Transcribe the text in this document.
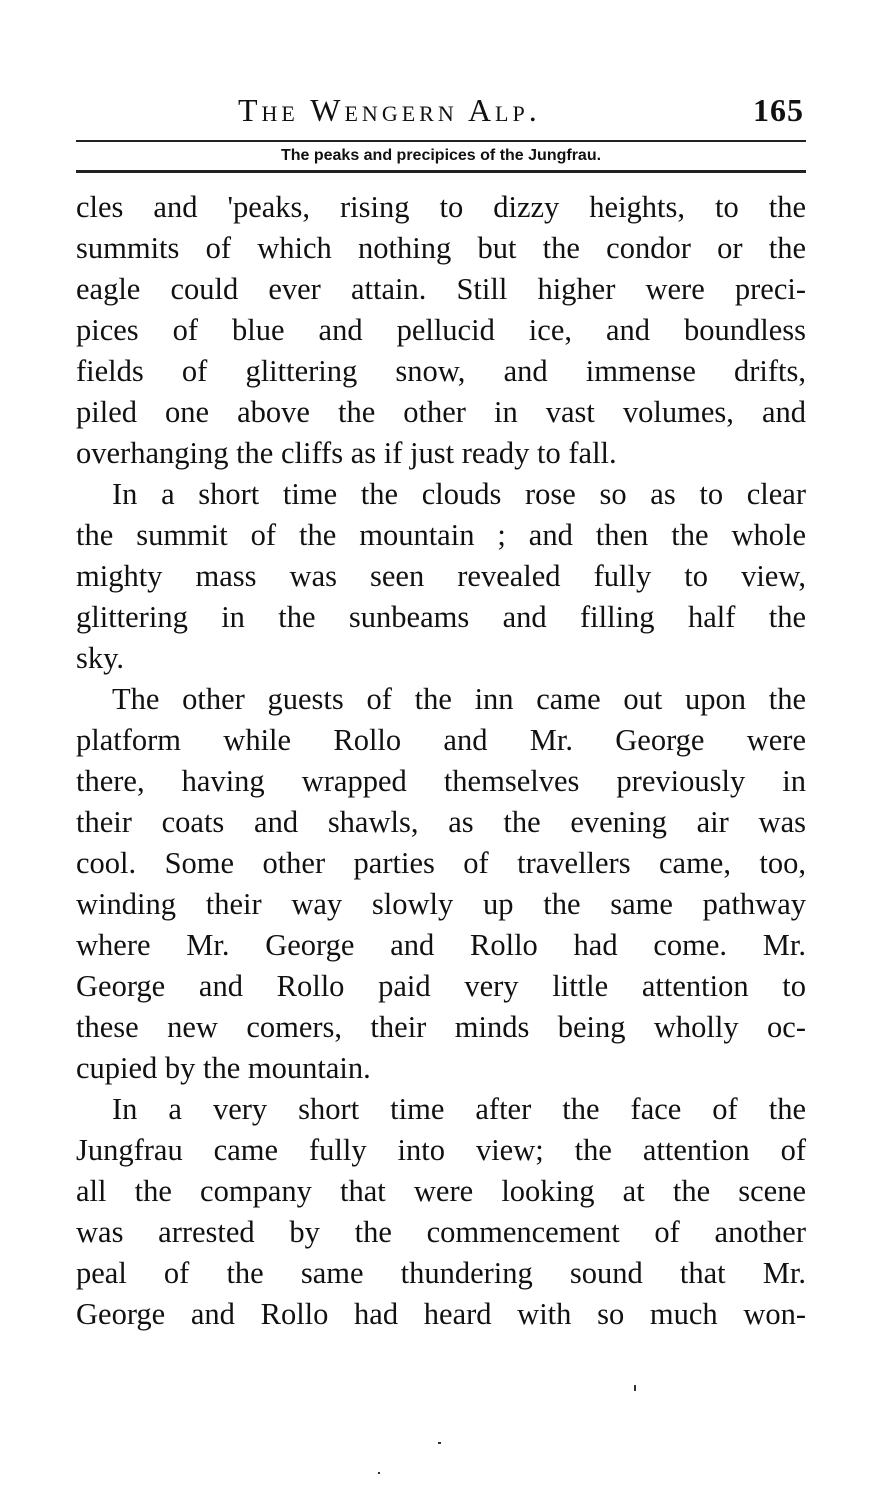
The Wengern Alp.	165
The peaks and precipices of the Jungfrau.
cles and 'peaks, rising to dizzy heights, to the
summits of which nothing but the condor or the
eagle could ever attain. Still higher were preci-
pices of blue and pellucid ice, and boundless
fields of glittering snow, and immense drifts,
piled one above the other in vast volumes, and
overhanging the cliffs as if just ready to fall.
In a short time the clouds rose so as to clear
the summit of the mountain ; and then the whole
mighty mass was seen revealed fully to view,
glittering in the sunbeams and filling half the
sky.
The other guests of the inn came out upon the
platform while Rollo and Mr. George were
there, having wrapped themselves previously in
their coats and shawls, as the evening air was
cool. Some other parties of travellers came, too,
winding their way slowly up the same pathway
where Mr. George and Rollo had come. Mr.
George and Rollo paid very little attention to
these new comers, their minds being wholly oc-
cupied by the mountain.
In a very short time after the face of the
Jungfrau came fully into view; the attention of
all the company that were looking at the scene
was arrested by the commencement of another
peal of the same thundering sound that Mr.
George and Rollo had heard with so much won-
